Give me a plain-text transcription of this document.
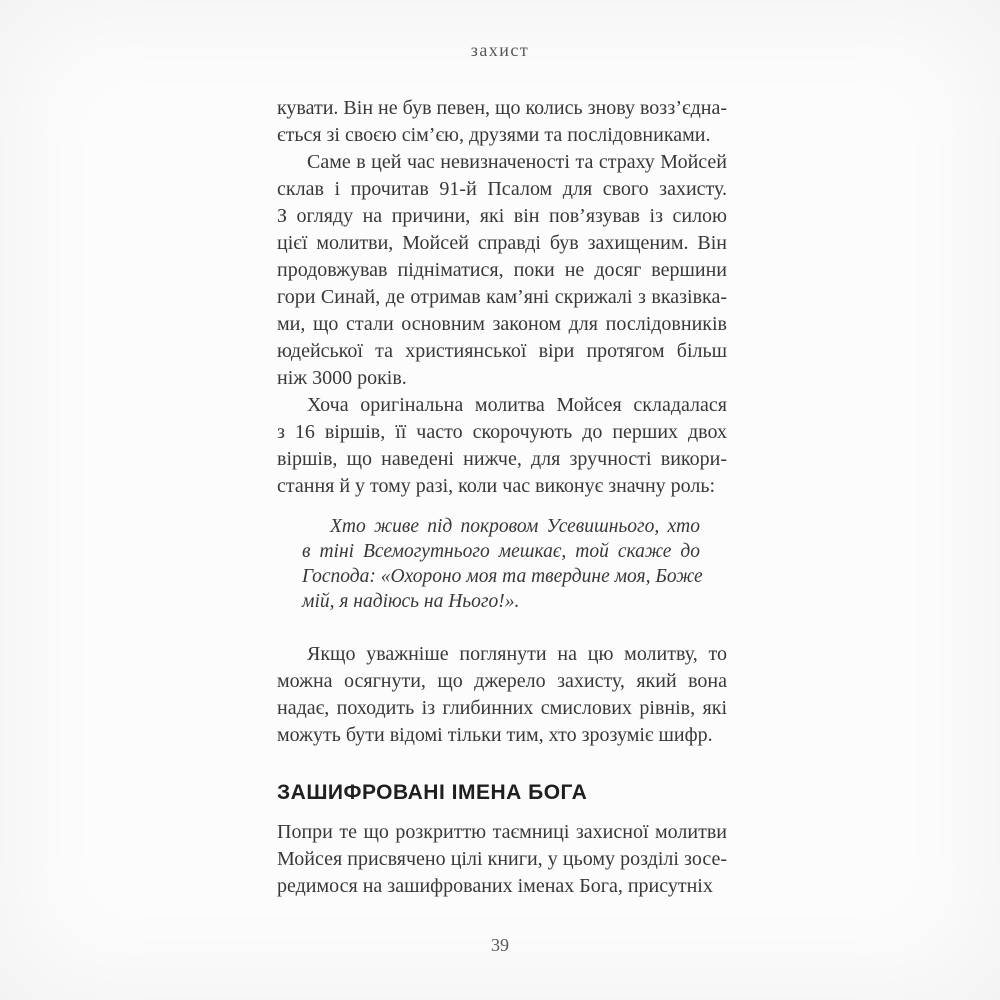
захист
кувати. Він не був певен, що колись знову возз’єдна-
ється зі своєю сім’єю, друзями та послідовниками.
Саме в цей час невизначеності та страху Мойсей
склав і прочитав 91-й Псалом для свого захисту.
З огляду на причини, які він пов’язував із силою
цієї молитви, Мойсей справді був захищеним. Він
продовжував підніматися, поки не досяг вершини
гори Синай, де отримав кам’яні скрижалі з вказівка-
ми, що стали основним законом для послідовників
юдейської та християнської віри протягом більш
ніж 3000 років.
Хоча оригінальна молитва Мойсея складалася
з 16 віршів, її часто скорочують до перших двох
віршів, що наведені нижче, для зручності викори-
стання й у тому разі, коли час виконує значну роль:
Хто живе під покровом Усевишнього, хто
в тіні Всемогутнього мешкає, той скаже до
Господа: «Охороно моя та твердине моя, Боже
мій, я надіюсь на Нього!».
Якщо уважніше поглянути на цю молитву, то
можна осягнути, що джерело захисту, який вона
надає, походить із глибинних смислових рівнів, які
можуть бути відомі тільки тим, хто зрозуміє шифр.
ЗАШИФРОВАНІ ІМЕНА БОГА
Попри те що розкриттю таємниці захисної молитви
Мойсея присвячено цілі книги, у цьому розділі зосе-
редимося на зашифрованих іменах Бога, присутніх
39
